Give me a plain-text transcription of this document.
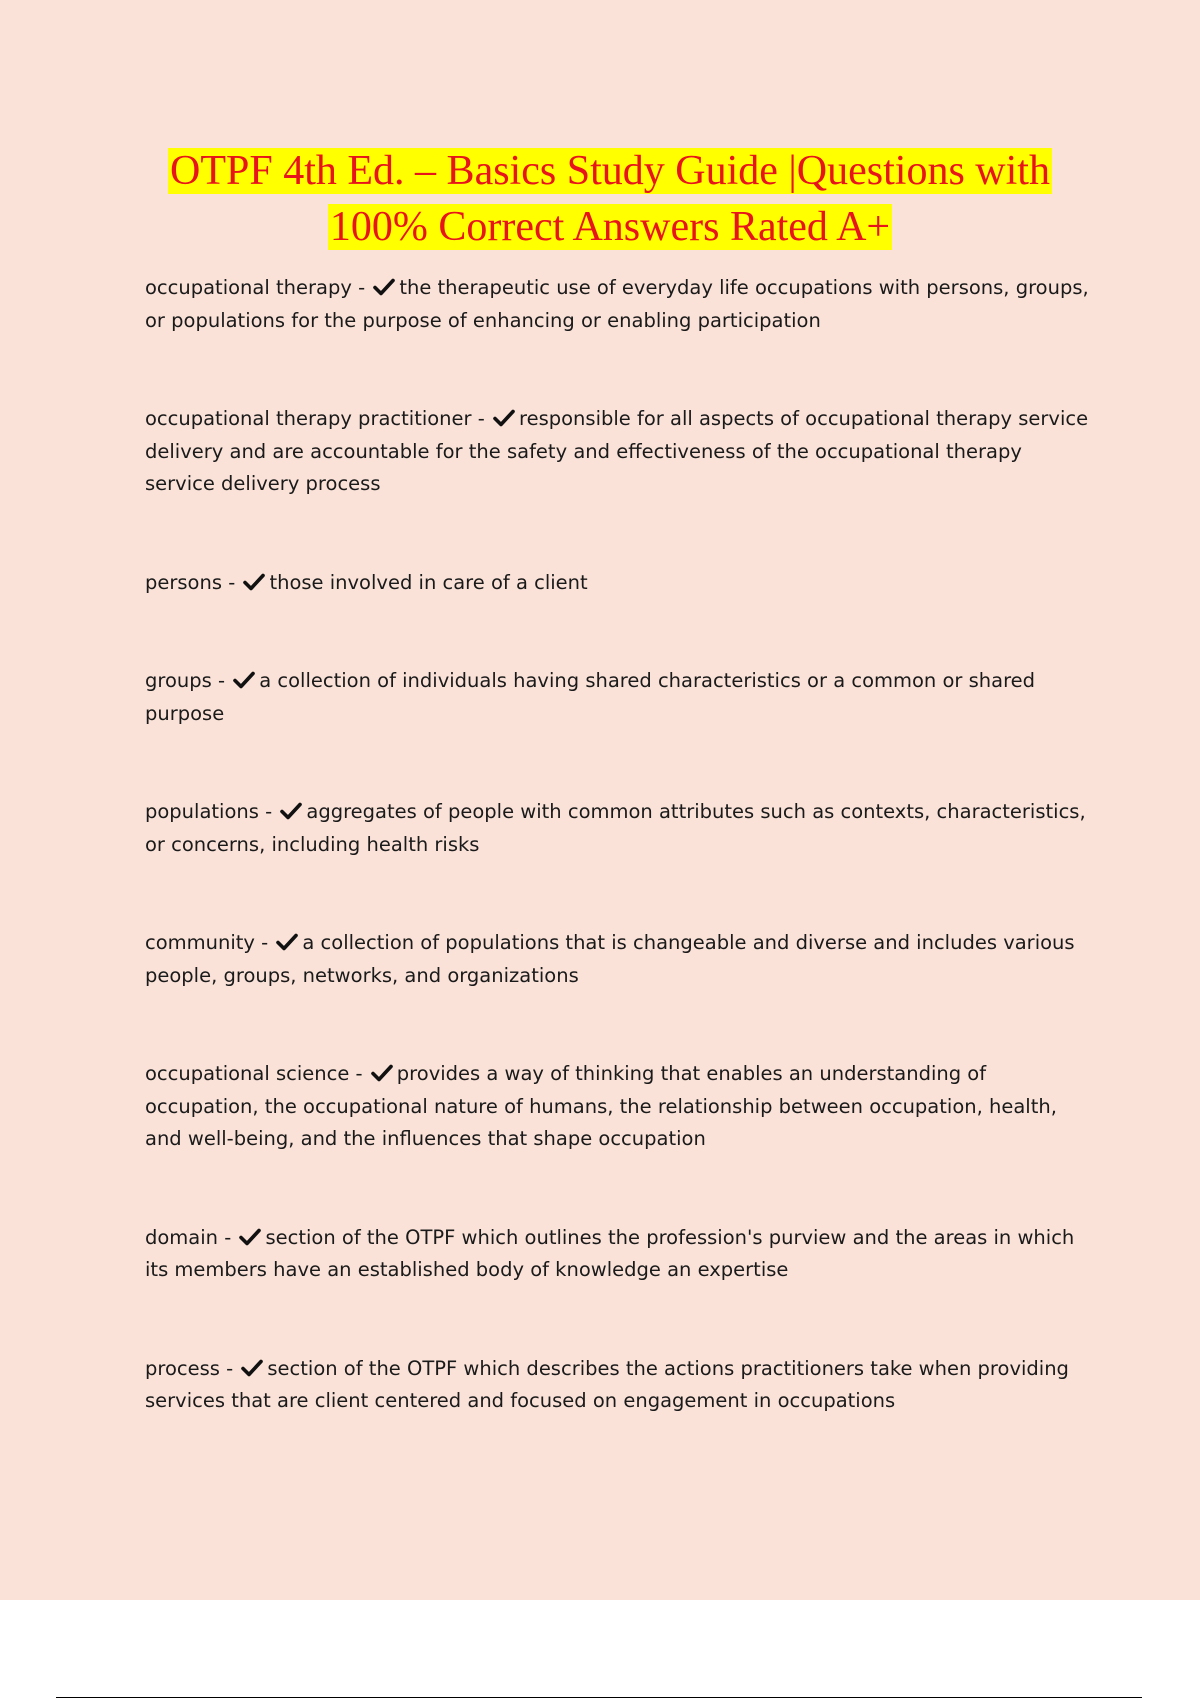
OTPF 4th Ed. – Basics Study Guide |Questions with
100% Correct Answers Rated A+

occupational therapy - the therapeutic use of everyday life occupations with persons, groups, or populations for the purpose of enhancing or enabling participation

occupational therapy practitioner - responsible for all aspects of occupational therapy service delivery and are accountable for the safety and effectiveness of the occupational therapy service delivery process

persons - those involved in care of a client

groups - a collection of individuals having shared characteristics or a common or shared purpose

populations - aggregates of people with common attributes such as contexts, characteristics, or concerns, including health risks

community - a collection of populations that is changeable and diverse and includes various people, groups, networks, and organizations

occupational science - provides a way of thinking that enables an understanding of occupation, the occupational nature of humans, the relationship between occupation, health, and well-being, and the influences that shape occupation

domain - section of the OTPF which outlines the profession's purview and the areas in which its members have an established body of knowledge an expertise

process - section of the OTPF which describes the actions practitioners take when providing services that are client centered and focused on engagement in occupations
